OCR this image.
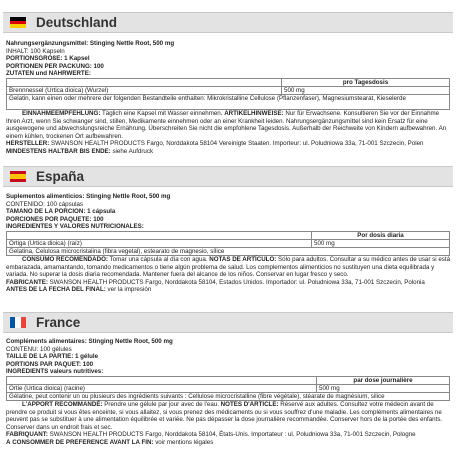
Deutschland
Nahrungsergänzungsmittel: Stinging Nettle Root, 500 mg
INHALT: 100 Kapseln
PORTIONSGRÖßE: 1 Kapsel
PORTIONEN PER PACKUNG: 100
ZUTATEN und NÄHRWERTE:
	pro Tagesdosis
Brennnessel (Urtica dioica) (Wurzel)	500 mg
Gelatin, kann einen oder mehrere der folgenden Bestandteile enthalten: Mikrokristalline Cellulose (Pflanzenfaser), Magnesiumstearat, Kieselerde	
EINNAHMEEMPFEHLUNG: Täglich eine Kapsel mit Wasser einnehmen. ARTIKELHINWEISE: Nur für Erwachsene. Konsultieren Sie vor der Einnahme Ihren Arzt, wenn Sie schwanger sind, stillen, Medikamente einnehmen oder an einer Krankheit leiden. Nahrungsergänzungsmittel sind kein Ersatz für eine ausgewogene und abwechslungsreiche Ernährung. Überschreiten Sie nicht die empfohlene Tagesdosis. Außerhalb der Reichweite von Kindern aufbewahren. An einem kühlen, trockenen Ort aufbewahren.
HERSTELLER: SWANSON HEALTH PRODUCTS Fargo, Norddakota 58104 Vereinigte Staaten. Importeur: ul. Poludniowa 33a, 71-001 Szczecin, Polen
MINDESTENS HALTBAR BIS ENDE: siehe Aufdruck
España
Suplementos alimenticios: Stinging Nettle Root, 500 mg
CONTENIDO: 100 cápsulas
TAMAÑO DE LA PORCIÓN: 1 cápsula
PORCIONES POR PAQUETE: 100
INGREDIENTES Y VALORES NUTRICIONALES:
	Por dosis diaria
Ortiga (Urtica dioica) (raíz)	500 mg
Gelatina, Celulosa microcristalina (fibra vegetal), estearato de magnesio, sílice	
CONSUMO RECOMENDADO: Tomar una cápsula al día con agua. NOTAS DE ARTÍCULO: Sólo para adultos. Consultar a su médico antes de usar si está embarazada, amamantando, tomando medicamentos o tiene algún problema de salud. Los complementos alimenticios no sustituyen una dieta equilibrada y variada. No superar la dosis diaria recomendada. Mantener fuera del alcance de los niños. Conservar en lugar fresco y seco.
FABRICANTE: SWANSON HEALTH PRODUCTS Fargo, Norddakota 58104, Estados Unidos. Importador: ul. Poludniowa 33a, 71-001 Szczecin, Polonia
ANTES DE LA FECHA DEL FINAL: ver la impresión
France
Compléments alimentaires: Stinging Nettle Root, 500 mg
CONTENU: 100 gélules
TAILLE DE LA PARTIE: 1 gélule
PORTIONS PAR PAQUET: 100
INGRÉDIENTS valeurs nutritives:
	par dose journalière
Ortie (Urtica dioica) (racine)	500 mg
Gélatine, peut contenir un ou plusieurs des ingrédients suivants : Cellulose microcristalline (fibre végétale), stéarate de magnésium, silice	
L'APPORT RECOMMANDÉ: Prendre une gélule par jour avec de l'eau. NOTES D'ARTICLE: Réservé aux adultes. Consultez votre médecin avant de prendre ce produit si vous êtes enceinte, si vous allaitez, si vous prenez des médicaments ou si vous souffrez d'une maladie. Les compléments alimentaires ne peuvent pas se substituer à une alimentation équilibrée et variée. Ne pas dépasser la dose journalière recommandée. Conserver hors de la portée des enfants. Conserver dans un endroit frais et sec.
FABRIQUANT: SWANSON HEALTH PRODUCTS Fargo, Norddakota 58104, États-Unis. Importateur : ul. Poludniowa 33a, 71-001 Szczecin, Pologne
À CONSOMMER DE PRÉFÉRENCE AVANT LA FIN: voir mentions légales
